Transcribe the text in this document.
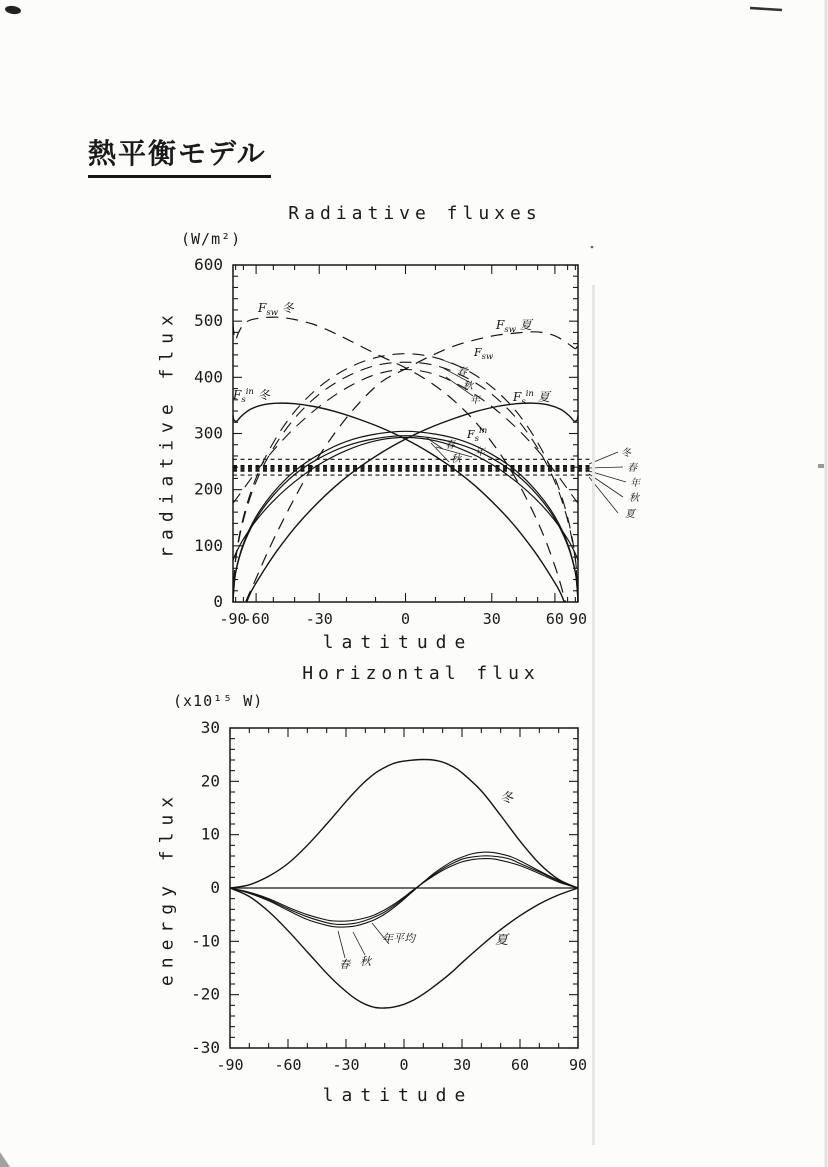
熱平衡モデル
Radiative fluxes
(W/m²)
radiative flux
latitude
Horizontal flux
(x10¹⁵ W)
energy flux
latitude
0
100
200
300
400
500
600
-90
-60 -30	0	30	60 90
$F_{sw}$ 冬
$F_{sw}$ 夏
$F_{sw}$
春
秋
年
$F_s^{in}$ 冬	$F_s^{in}$ 夏
$F_s^{in}$
春
秋
年	冬
春
年
秋
夏
-30
-20
-10
0
10
20
30
-90 -60 -30	0	30	60	90
冬
夏
春 秋
年平均
